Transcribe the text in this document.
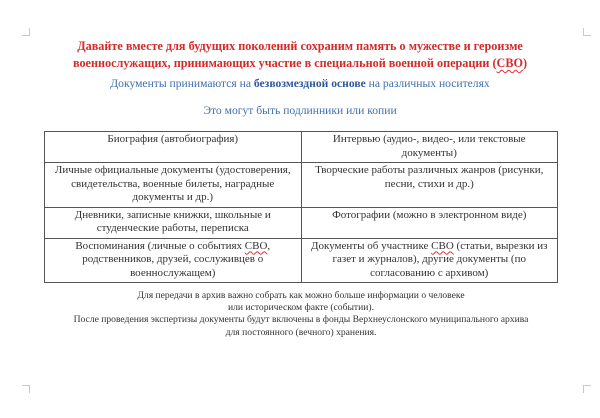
Давайте вместе для будущих поколений сохраним память о мужестве и героизме
военнослужащих, принимающих участие в специальной военной операции (СВО)
Документы принимаются на безвозмездной основе на различных носителях
Это могут быть подлинники или копии
Биография (автобиография)	Интервью (аудио-, видео-, или текстовые документы)
Личные официальные документы (удостоверения, свидетельства, военные билеты, наградные документы и др.)	Творческие работы различных жанров (рисунки, песни, стихи и др.)
Дневники, записные книжки, школьные и студенческие работы, переписка	Фотографии (можно в электронном виде)
Воспоминания (личные о событиях СВО, родственников, друзей, сослуживцев о военнослужащем)	Документы об участнике СВО (статьи, вырезки из газет и журналов), другие документы (по согласованию с архивом)
Для передачи в архив важно собрать как можно больше информации о человеке
или историческом факте (событии).
После проведения экспертизы документы будут включены в фонды Верхнеуслонского муниципального архива
для постоянного (вечного) хранения.
